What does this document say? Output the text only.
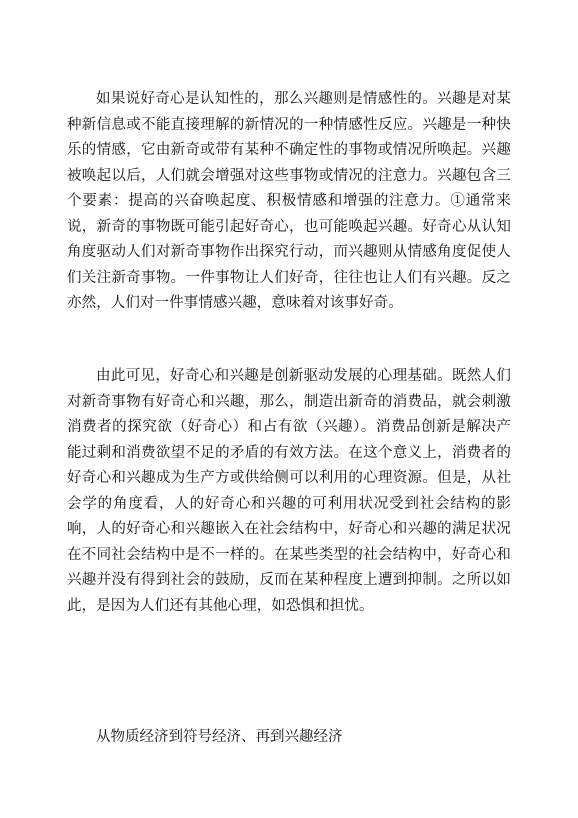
如果说好奇心是认知性的，那么兴趣则是情感性的。兴趣是对某种新信息或不能直接理解的新情况的一种情感性反应。兴趣是一种快乐的情感，它由新奇或带有某种不确定性的事物或情况所唤起。兴趣被唤起以后，人们就会增强对这些事物或情况的注意力。兴趣包含三个要素：提高的兴奋唤起度、积极情感和增强的注意力。①通常来说，新奇的事物既可能引起好奇心，也可能唤起兴趣。好奇心从认知角度驱动人们对新奇事物作出探究行动，而兴趣则从情感角度促使人们关注新奇事物。一件事物让人们好奇，往往也让人们有兴趣。反之亦然，人们对一件事情感兴趣，意味着对该事好奇。

由此可见，好奇心和兴趣是创新驱动发展的心理基础。既然人们对新奇事物有好奇心和兴趣，那么，制造出新奇的消费品，就会刺激消费者的探究欲（好奇心）和占有欲（兴趣）。消费品创新是解决产能过剩和消费欲望不足的矛盾的有效方法。在这个意义上，消费者的好奇心和兴趣成为生产方或供给侧可以利用的心理资源。但是，从社会学的角度看，人的好奇心和兴趣的可利用状况受到社会结构的影响，人的好奇心和兴趣嵌入在社会结构中，好奇心和兴趣的满足状况在不同社会结构中是不一样的。在某些类型的社会结构中，好奇心和兴趣并没有得到社会的鼓励，反而在某种程度上遭到抑制。之所以如此，是因为人们还有其他心理，如恐惧和担忧。

从物质经济到符号经济、再到兴趣经济
